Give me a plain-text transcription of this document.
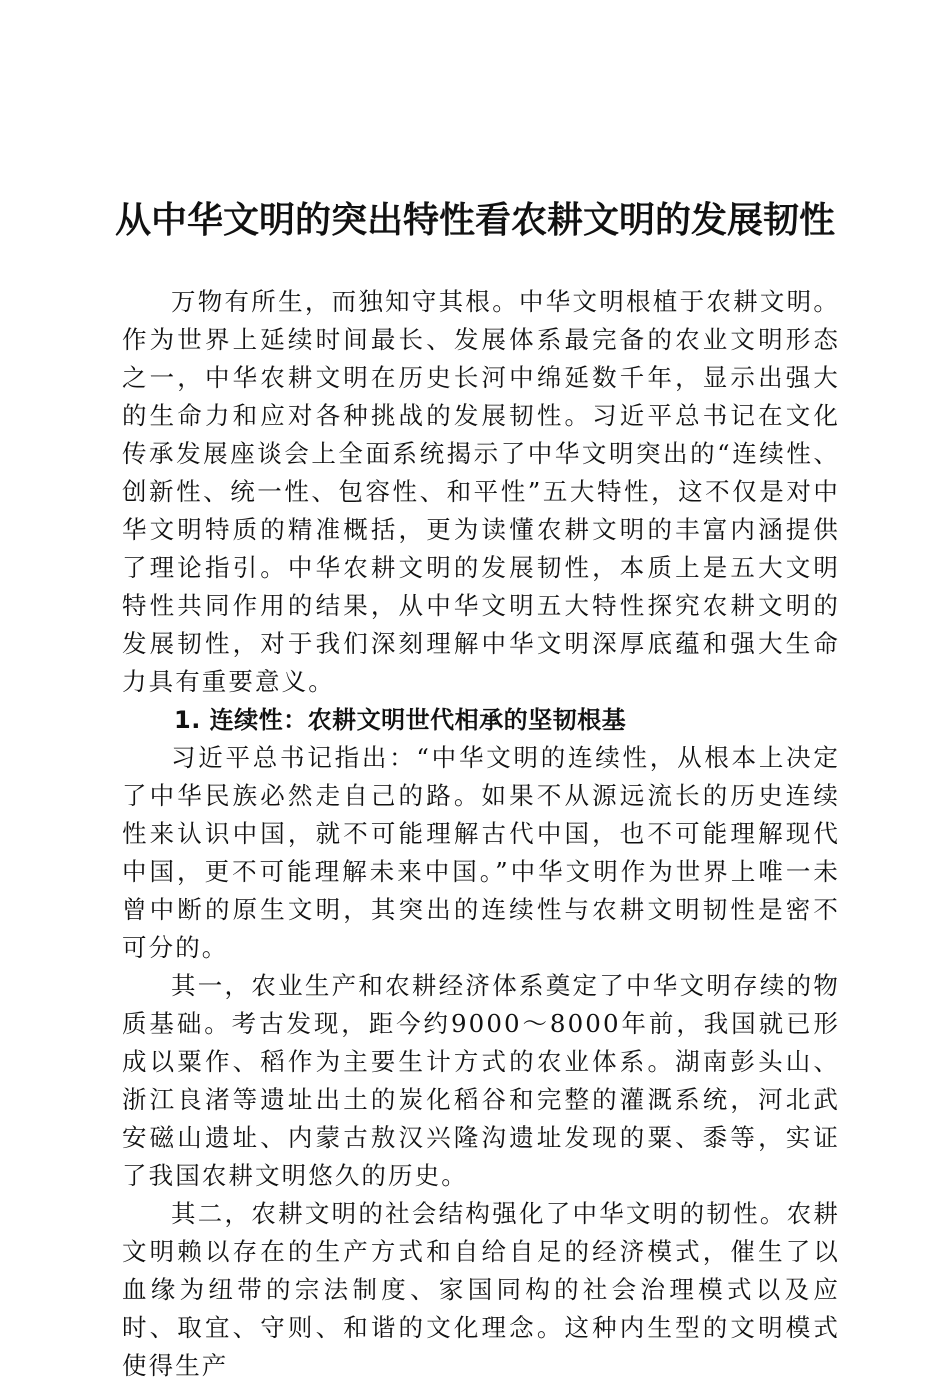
从中华文明的突出特性看农耕文明的发展韧性

万物有所生，而独知守其根。中华文明根植于农耕文明。作为世界上延续时间最长、发展体系最完备的农业文明形态之一，中华农耕文明在历史长河中绵延数千年，显示出强大的生命力和应对各种挑战的发展韧性。习近平总书记在文化传承发展座谈会上全面系统揭示了中华文明突出的“连续性、创新性、统一性、包容性、和平性”五大特性，这不仅是对中华文明特质的精准概括，更为读懂农耕文明的丰富内涵提供了理论指引。中华农耕文明的发展韧性，本质上是五大文明特性共同作用的结果，从中华文明五大特性探究农耕文明的发展韧性，对于我们深刻理解中华文明深厚底蕴和强大生命力具有重要意义。

1. 连续性：农耕文明世代相承的坚韧根基

习近平总书记指出：“中华文明的连续性，从根本上决定了中华民族必然走自己的路。如果不从源远流长的历史连续性来认识中国，就不可能理解古代中国，也不可能理解现代中国，更不可能理解未来中国。”中华文明作为世界上唯一未曾中断的原生文明，其突出的连续性与农耕文明韧性是密不可分的。

其一，农业生产和农耕经济体系奠定了中华文明存续的物质基础。考古发现，距今约9000～8000年前，我国就已形成以粟作、稻作为主要生计方式的农业体系。湖南彭头山、浙江良渚等遗址出土的炭化稻谷和完整的灌溉系统，河北武安磁山遗址、内蒙古敖汉兴隆沟遗址发现的粟、黍等，实证了我国农耕文明悠久的历史。

其二，农耕文明的社会结构强化了中华文明的韧性。农耕文明赖以存在的生产方式和自给自足的经济模式，催生了以血缘为纽带的宗法制度、家国同构的社会治理模式以及应时、取宜、守则、和谐的文化理念。这种内生型的文明模式使得生产
